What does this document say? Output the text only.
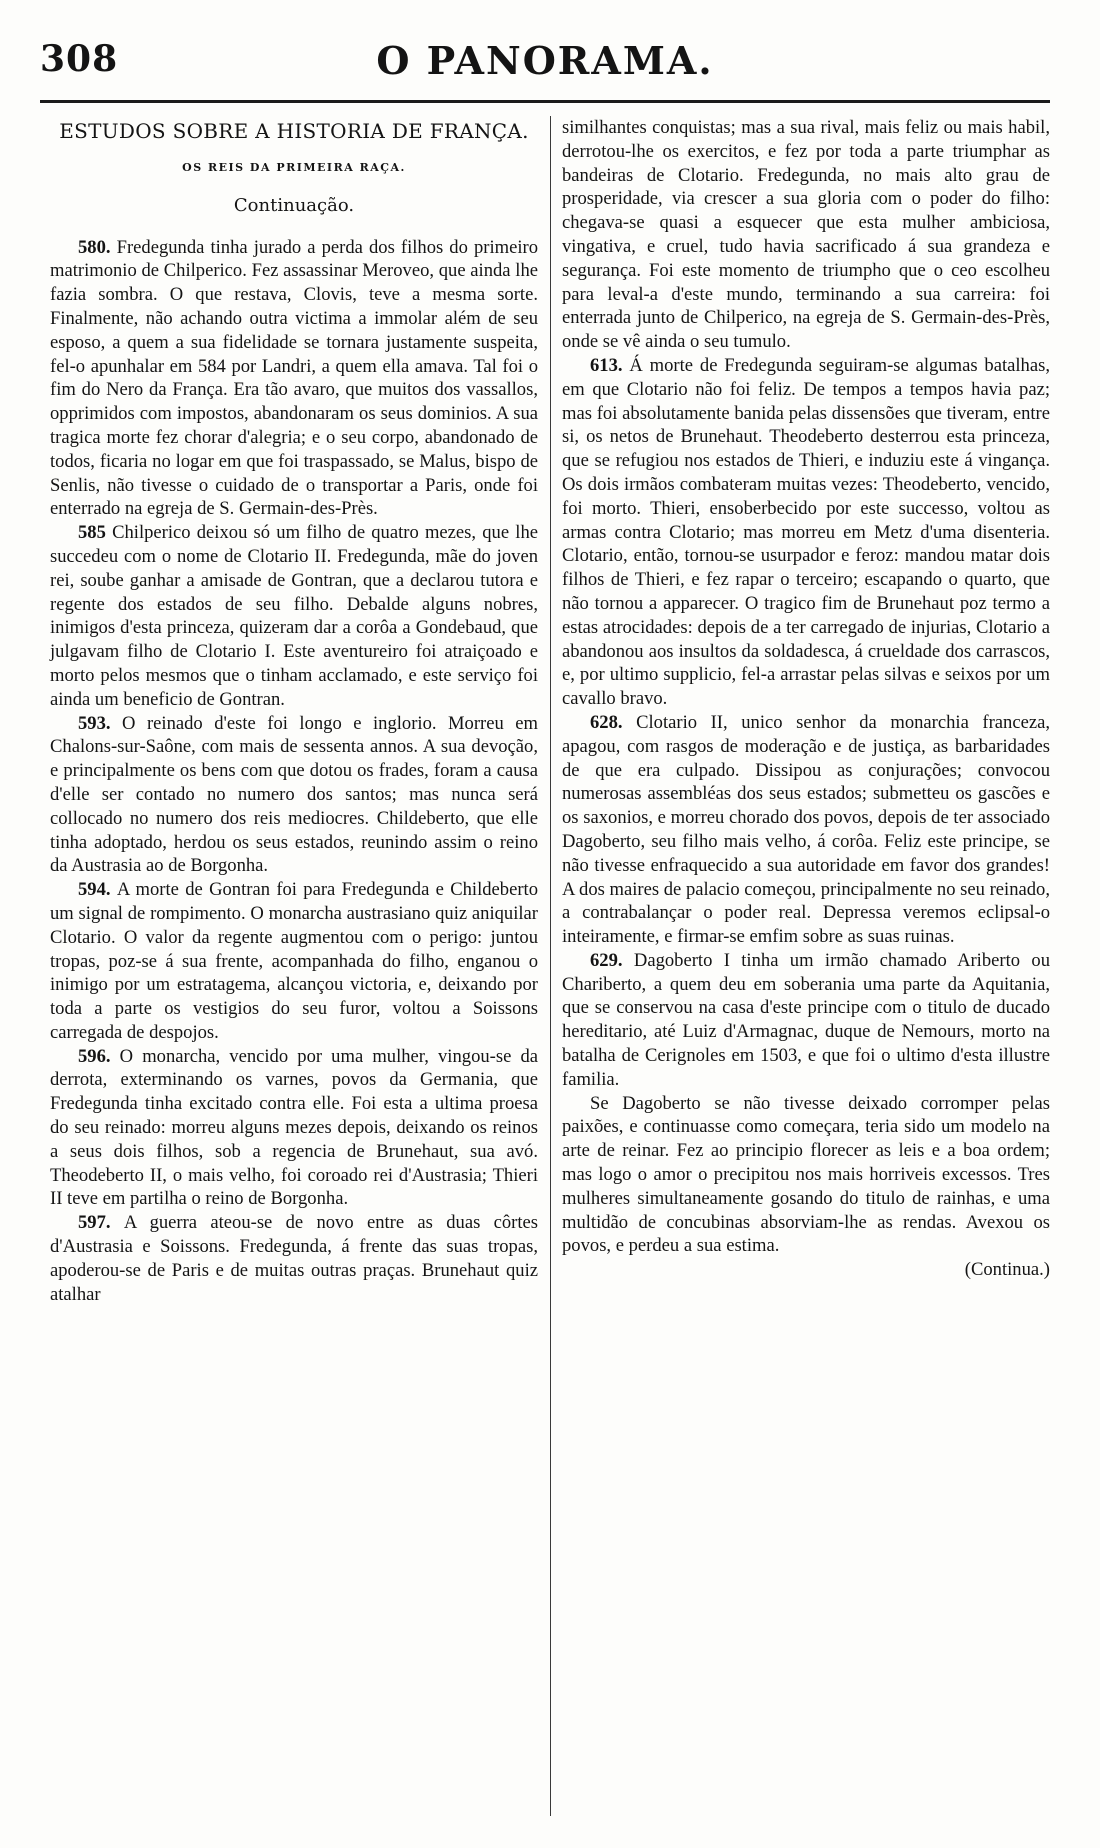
308	O PANORAMA.
ESTUDOS SOBRE A HISTORIA DE FRANÇA.
OS REIS DA PRIMEIRA RAÇA.
Continuação.

580. Fredegunda tinha jurado a perda dos filhos do primeiro matrimonio de Chilperico. Fez assassinar Meroveo, que ainda lhe fazia sombra. O que restava, Clovis, teve a mesma sorte. Finalmente, não achando outra victima a immolar além de seu esposo, a quem a sua fidelidade se tornara justamente suspeita, fel-o apunhalar em 584 por Landri, a quem ella amava. Tal foi o fim do Nero da França. Era tão avaro, que muitos dos vassallos, opprimidos com impostos, abandonaram os seus dominios. A sua tragica morte fez chorar d'alegria; e o seu corpo, abandonado de todos, ficaria no logar em que foi traspassado, se Malus, bispo de Senlis, não tivesse o cuidado de o transportar a Paris, onde foi enterrado na egreja de S. Germain-des-Près.

585 Chilperico deixou só um filho de quatro mezes, que lhe succedeu com o nome de Clotario II. Fredegunda, mãe do joven rei, soube ganhar a amisade de Gontran, que a declarou tutora e regente dos estados de seu filho. Debalde alguns nobres, inimigos d'esta princeza, quizeram dar a corôa a Gondebaud, que julgavam filho de Clotario I. Este aventureiro foi atraiçoado e morto pelos mesmos que o tinham acclamado, e este serviço foi ainda um beneficio de Gontran.

593. O reinado d'este foi longo e inglorio. Morreu em Chalons-sur-Saône, com mais de sessenta annos. A sua devoção, e principalmente os bens com que dotou os frades, foram a causa d'elle ser contado no numero dos santos; mas nunca será collocado no numero dos reis mediocres. Childeberto, que elle tinha adoptado, herdou os seus estados, reunindo assim o reino da Austrasia ao de Borgonha.

594. A morte de Gontran foi para Fredegunda e Childeberto um signal de rompimento. O monarcha austrasiano quiz aniquilar Clotario. O valor da regente augmentou com o perigo: juntou tropas, poz-se á sua frente, acompanhada do filho, enganou o inimigo por um estratagema, alcançou victoria, e, deixando por toda a parte os vestigios do seu furor, voltou a Soissons carregada de despojos.

596. O monarcha, vencido por uma mulher, vingou-se da derrota, exterminando os varnes, povos da Germania, que Fredegunda tinha excitado contra elle. Foi esta a ultima proesa do seu reinado: morreu alguns mezes depois, deixando os reinos a seus dois filhos, sob a regencia de Brunehaut, sua avó. Theodeberto II, o mais velho, foi coroado rei d'Austrasia; Thieri II teve em partilha o reino de Borgonha.

597. A guerra ateou-se de novo entre as duas côrtes d'Austrasia e Soissons. Fredegunda, á frente das suas tropas, apoderou-se de Paris e de muitas outras praças. Brunehaut quiz atalhar

similhantes conquistas; mas a sua rival, mais feliz ou mais habil, derrotou-lhe os exercitos, e fez por toda a parte triumphar as bandeiras de Clotario. Fredegunda, no mais alto grau de prosperidade, via crescer a sua gloria com o poder do filho: chegava-se quasi a esquecer que esta mulher ambiciosa, vingativa, e cruel, tudo havia sacrificado á sua grandeza e segurança. Foi este momento de triumpho que o ceo escolheu para leval-a d'este mundo, terminando a sua carreira: foi enterrada junto de Chilperico, na egreja de S. Germain-des-Près, onde se vê ainda o seu tumulo.

613. Á morte de Fredegunda seguiram-se algumas batalhas, em que Clotario não foi feliz. De tempos a tempos havia paz; mas foi absolutamente banida pelas dissensões que tiveram, entre si, os netos de Brunehaut. Theodeberto desterrou esta princeza, que se refugiou nos estados de Thieri, e induziu este á vingança. Os dois irmãos combateram muitas vezes: Theodeberto, vencido, foi morto. Thieri, ensoberbecido por este successo, voltou as armas contra Clotario; mas morreu em Metz d'uma disenteria. Clotario, então, tornou-se usurpador e feroz: mandou matar dois filhos de Thieri, e fez rapar o terceiro; escapando o quarto, que não tornou a apparecer. O tragico fim de Brunehaut poz termo a estas atrocidades: depois de a ter carregado de injurias, Clotario a abandonou aos insultos da soldadesca, á crueldade dos carrascos, e, por ultimo supplicio, fel-a arrastar pelas silvas e seixos por um cavallo bravo.

628. Clotario II, unico senhor da monarchia franceza, apagou, com rasgos de moderação e de justiça, as barbaridades de que era culpado. Dissipou as conjurações; convocou numerosas assembléas dos seus estados; submetteu os gascões e os saxonios, e morreu chorado dos povos, depois de ter associado Dagoberto, seu filho mais velho, á corôa. Feliz este principe, se não tivesse enfraquecido a sua autoridade em favor dos grandes! A dos maires de palacio começou, principalmente no seu reinado, a contrabalançar o poder real. Depressa veremos eclipsal-o inteiramente, e firmar-se emfim sobre as suas ruinas.

629. Dagoberto I tinha um irmão chamado Ariberto ou Chariberto, a quem deu em soberania uma parte da Aquitania, que se conservou na casa d'este principe com o titulo de ducado hereditario, até Luiz d'Armagnac, duque de Nemours, morto na batalha de Cerignoles em 1503, e que foi o ultimo d'esta illustre familia.

Se Dagoberto se não tivesse deixado corromper pelas paixões, e continuasse como começara, teria sido um modelo na arte de reinar. Fez ao principio florecer as leis e a boa ordem; mas logo o amor o precipitou nos mais horriveis excessos. Tres mulheres simultaneamente gosando do titulo de rainhas, e uma multidão de concubinas absorviam-lhe as rendas. Avexou os povos, e perdeu a sua estima.

(Continua.)
